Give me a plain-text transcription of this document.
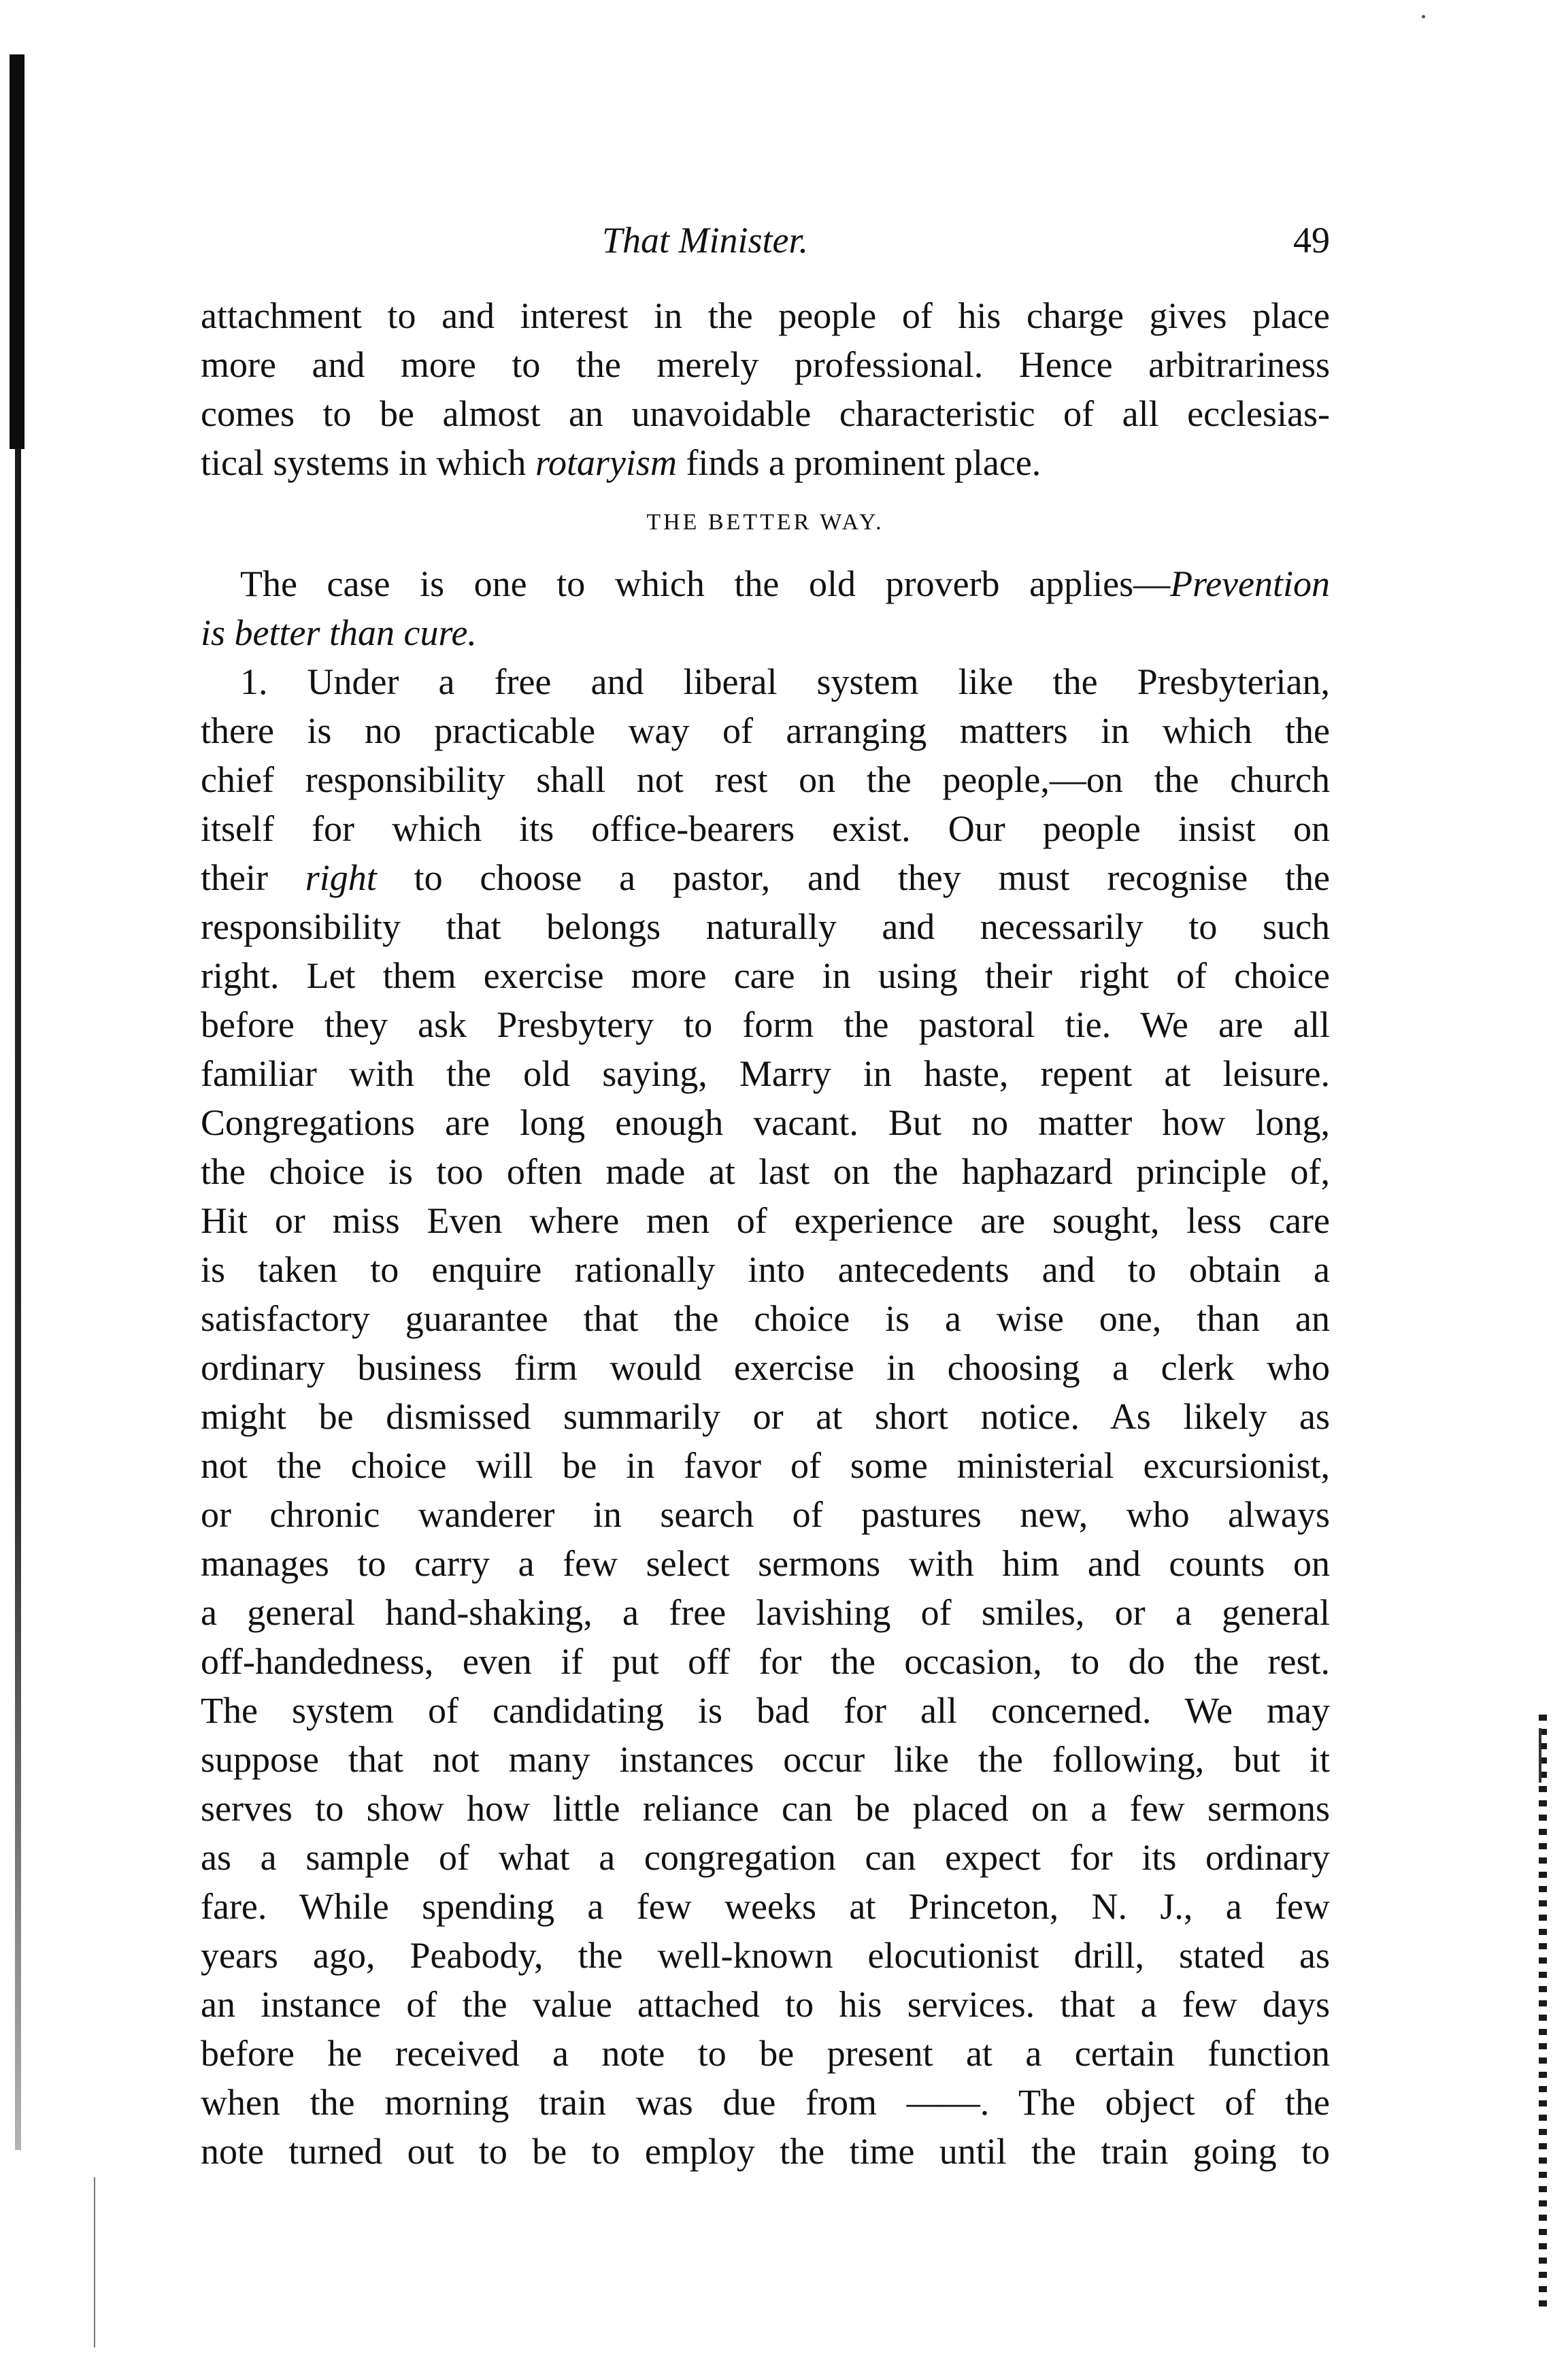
That Minister.	49
attachment to and interest in the people of his charge gives place
more and more to the merely professional. Hence arbitrariness
comes to be almost an unavoidable characteristic of all ecclesias-
tical systems in which rotaryism finds a prominent place.
THE BETTER WAY.
The case is one to which the old proverb applies—Prevention
is better than cure.
1. Under a free and liberal system like the Presbyterian,
there is no practicable way of arranging matters in which the
chief responsibility shall not rest on the people,—on the church
itself for which its office-bearers exist. Our people insist on
their right to choose a pastor, and they must recognise the
responsibility that belongs naturally and necessarily to such
right. Let them exercise more care in using their right of choice
before they ask Presbytery to form the pastoral tie. We are all
familiar with the old saying, Marry in haste, repent at leisure.
Congregations are long enough vacant. But no matter how long,
the choice is too often made at last on the haphazard principle of,
Hit or miss Even where men of experience are sought, less care
is taken to enquire rationally into antecedents and to obtain a
satisfactory guarantee that the choice is a wise one, than an
ordinary business firm would exercise in choosing a clerk who
might be dismissed summarily or at short notice. As likely as
not the choice will be in favor of some ministerial excursionist,
or chronic wanderer in search of pastures new, who always
manages to carry a few select sermons with him and counts on
a general hand-shaking, a free lavishing of smiles, or a general
off-handedness, even if put off for the occasion, to do the rest.
The system of candidating is bad for all concerned. We may
suppose that not many instances occur like the following, but it
serves to show how little reliance can be placed on a few sermons
as a sample of what a congregation can expect for its ordinary
fare. While spending a few weeks at Princeton, N. J., a few
years ago, Peabody, the well-known elocutionist drill, stated as
an instance of the value attached to his services. that a few days
before he received a note to be present at a certain function
when the morning train was due from ——. The object of the
note turned out to be to employ the time until the train going to
